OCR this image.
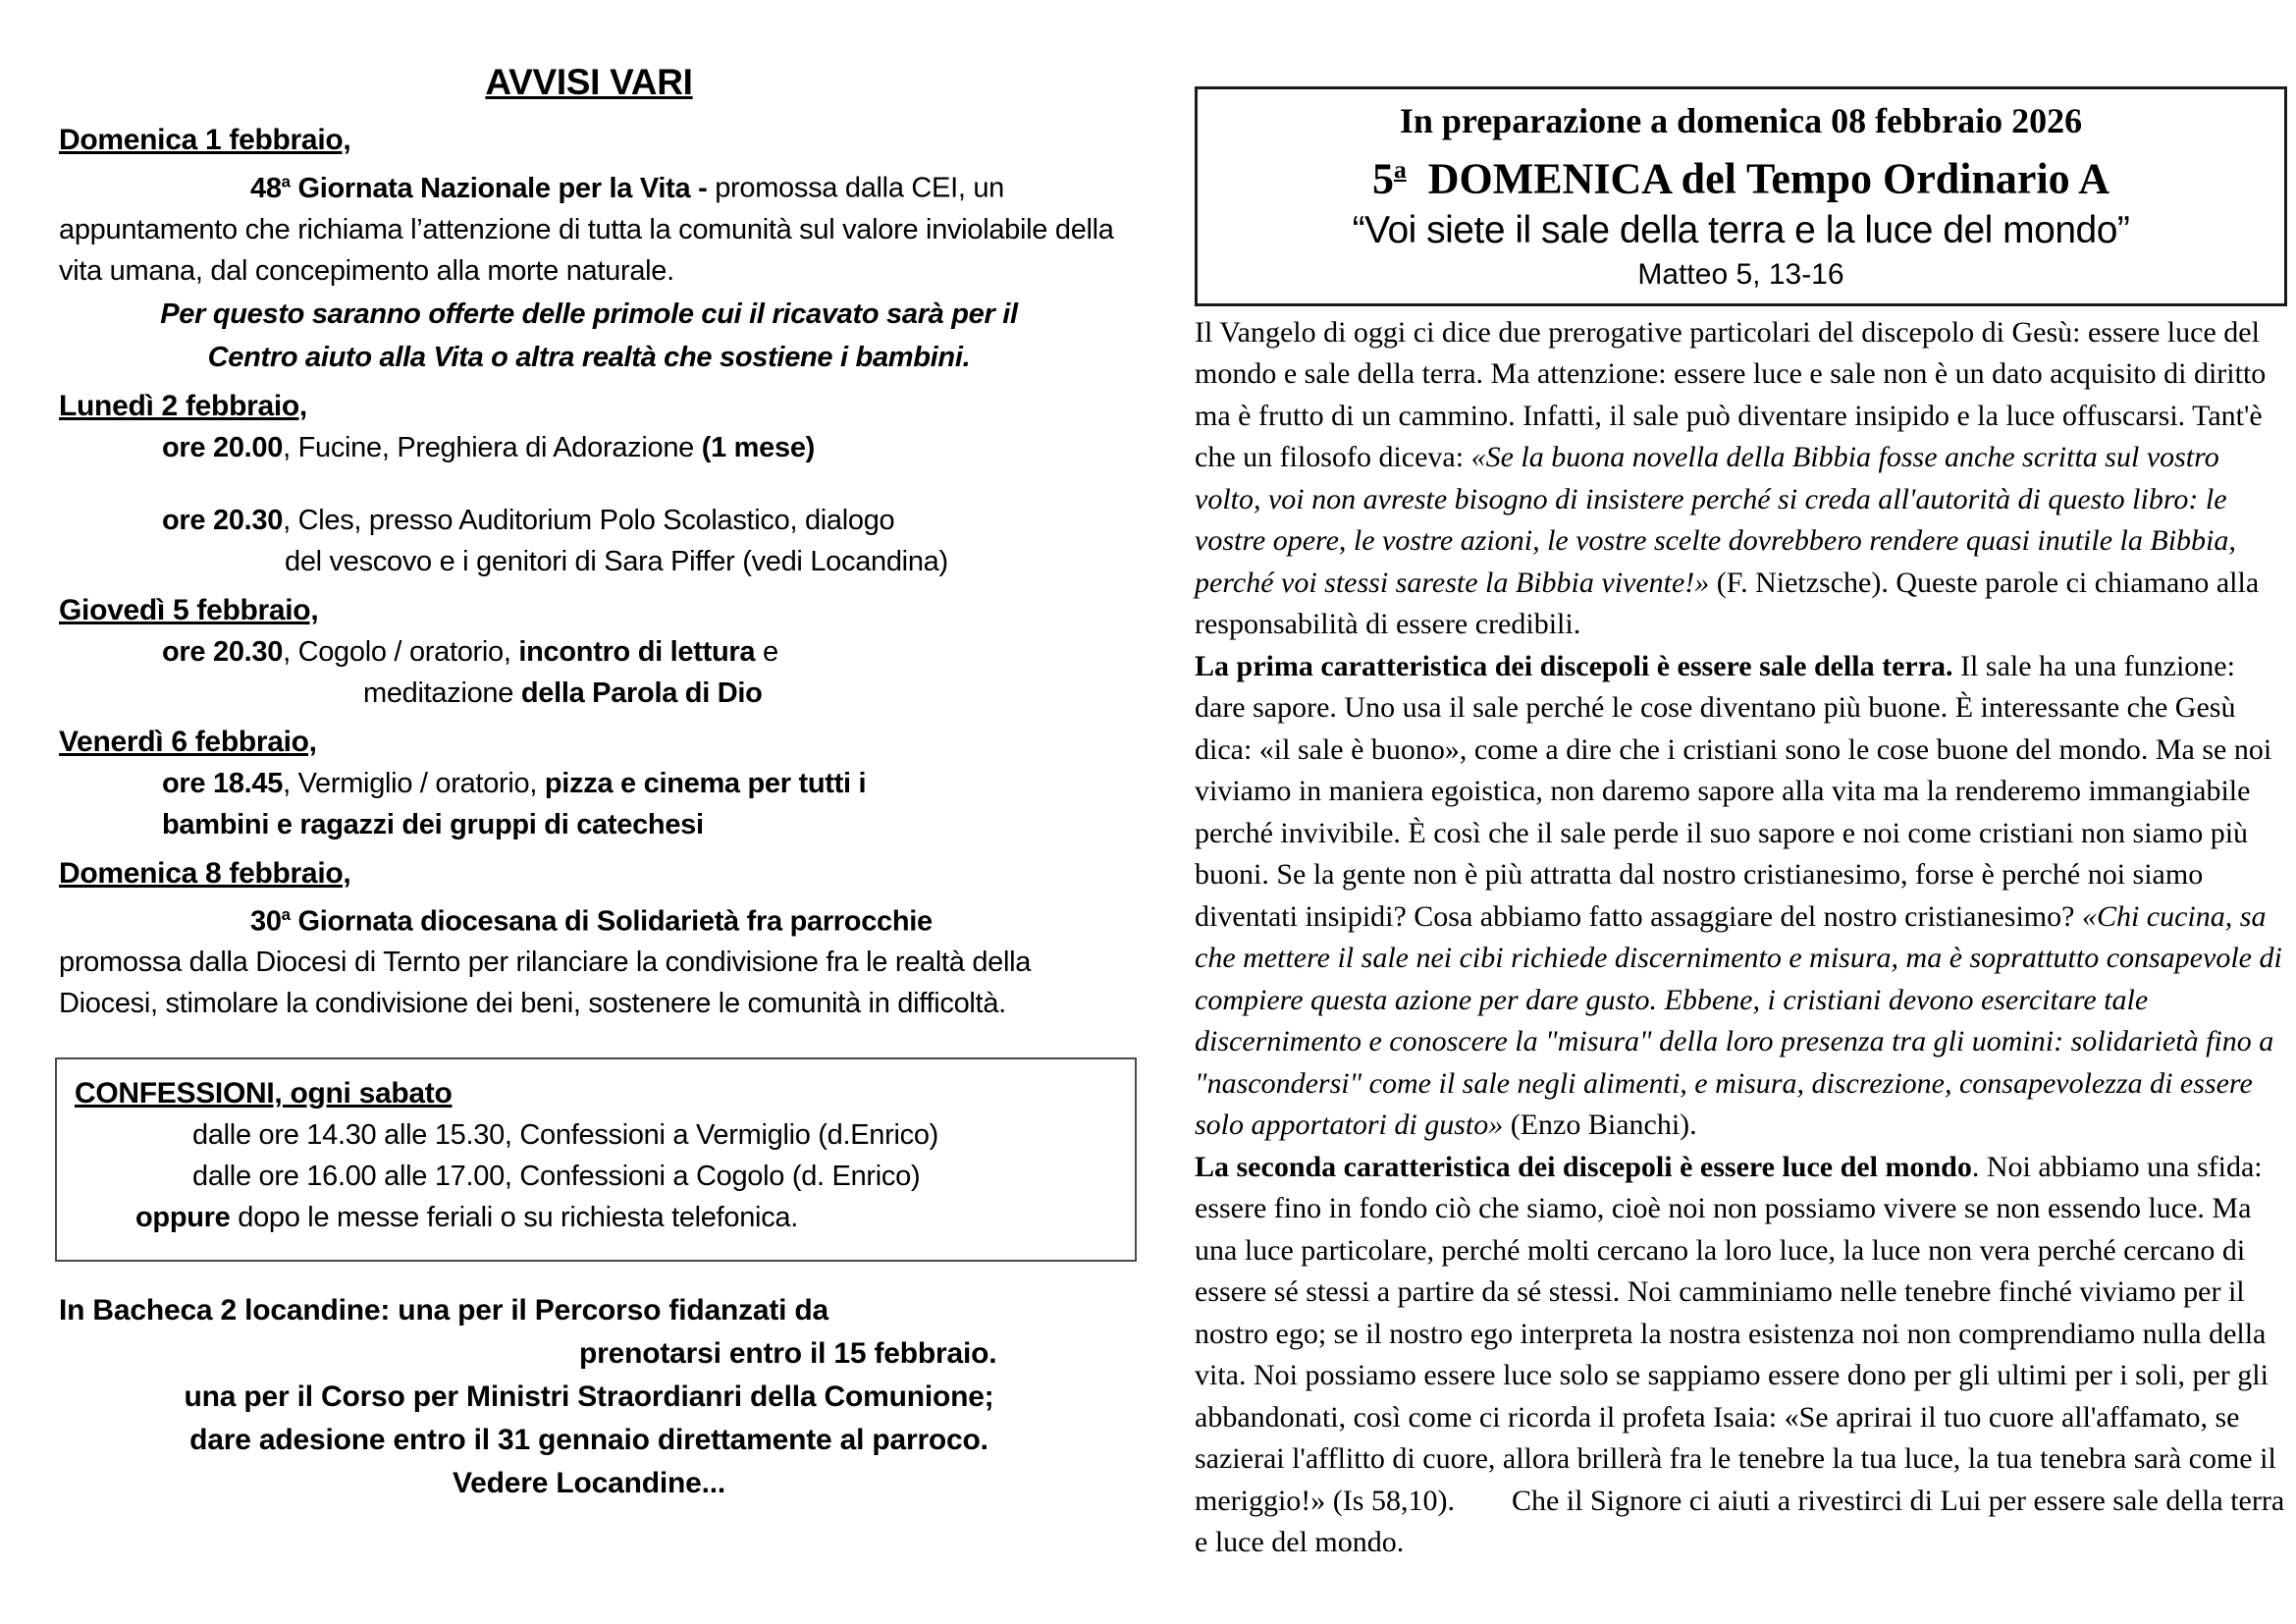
AVVISI VARI
Domenica 1 febbraio,

48$^a$ Giornata Nazionale per la Vita - promossa dalla CEI, un appuntamento che richiama l’attenzione di tutta la comunità sul valore inviolabile della vita umana, dal concepimento alla morte naturale.

Per questo saranno offerte delle primole cui il ricavato sarà per il
Centro aiuto alla Vita o altra realtà che sostiene i bambini.
Lunedì 2 febbraio,
ore 20.00, Fucine, Preghiera di Adorazione (1 mese)
ore 20.30, Cles, presso Auditorium Polo Scolastico, dialogo
del vescovo e i genitori di Sara Piffer (vedi Locandina)
Giovedì 5 febbraio,
ore 20.30, Cogolo / oratorio, incontro di lettura e
meditazione della Parola di Dio
Venerdì 6 febbraio,
ore 18.45, Vermiglio / oratorio, pizza e cinema per tutti i
bambini e ragazzi dei gruppi di catechesi
Domenica 8 febbraio,
30$^a$ Giornata diocesana di Solidarietà fra parrocchie

promossa dalla Diocesi di Ternto per rilanciare la condivisione fra le realtà della Diocesi, stimolare la condivisione dei beni, sostenere le comunità in difficoltà.

CONFESSIONI, ogni sabato
dalle ore 14.30 alle 15.30, Confessioni a Vermiglio (d.Enrico)
dalle ore 16.00 alle 17.00, Confessioni a Cogolo (d. Enrico)
oppure dopo le messe feriali o su richiesta telefonica.
In Bacheca 2 locandine: una per il Percorso fidanzati da
prenotarsi entro il 15 febbraio.
una per il Corso per Ministri Straordianri della Comunione;
dare adesione entro il 31 gennaio direttamente al parroco.
Vedere Locandine...
In preparazione a domenica 08 febbraio 2026
5$^a$  DOMENICA del Tempo Ordinario A
“Voi siete il sale della terra e la luce del mondo”
Matteo 5, 13-16

Il Vangelo di oggi ci dice due prerogative particolari del discepolo di Gesù: essere luce del mondo e sale della terra. Ma attenzione: essere luce e sale non è un dato acquisito di diritto ma è frutto di un cammino. Infatti, il sale può diventare insipido e la luce offuscarsi. Tant'è che un filosofo diceva: «Se la buona novella della Bibbia fosse anche scritta sul vostro volto, voi non avreste bisogno di insistere perché si creda all'autorità di questo libro: le vostre opere, le vostre azioni, le vostre scelte dovrebbero rendere quasi inutile la Bibbia, perché voi stessi sareste la Bibbia vivente!» (F. Nietzsche). Queste parole ci chiamano alla responsabilità di essere credibili.

La prima caratteristica dei discepoli è essere sale della terra. Il sale ha una funzione: dare sapore. Uno usa il sale perché le cose diventano più buone. È interessante che Gesù dica: «il sale è buono», come a dire che i cristiani sono le cose buone del mondo. Ma se noi viviamo in maniera egoistica, non daremo sapore alla vita ma la renderemo immangiabile perché invivibile. È così che il sale perde il suo sapore e noi come cristiani non siamo più buoni. Se la gente non è più attratta dal nostro cristianesimo, forse è perché noi siamo diventati insipidi? Cosa abbiamo fatto assaggiare del nostro cristianesimo? «Chi cucina, sa che mettere il sale nei cibi richiede discernimento e misura, ma è soprattutto consapevole di compiere questa azione per dare gusto. Ebbene, i cristiani devono esercitare tale discernimento e conoscere la "misura" della loro presenza tra gli uomini: solidarietà fino a "nascondersi" come il sale negli alimenti, e misura, discrezione, consapevolezza di essere solo apportatori di gusto» (Enzo Bianchi).

La seconda caratteristica dei discepoli è essere luce del mondo. Noi abbiamo una sfida: essere fino in fondo ciò che siamo, cioè noi non possiamo vivere se non essendo luce. Ma una luce particolare, perché molti cercano la loro luce, la luce non vera perché cercano di essere sé stessi a partire da sé stessi. Noi camminiamo nelle tenebre finché viviamo per il nostro ego; se il nostro ego interpreta la nostra esistenza noi non comprendiamo nulla della vita. Noi possiamo essere luce solo se sappiamo essere dono per gli ultimi per i soli, per gli abbandonati, così come ci ricorda il profeta Isaia: «Se aprirai il tuo cuore all'affamato, se sazierai l'afflitto di cuore, allora brillerà fra le tenebre la tua luce, la tua tenebra sarà come il meriggio!» (Is 58,10). Che il Signore ci aiuti a rivestirci di Lui per essere sale della terra e luce del mondo.
